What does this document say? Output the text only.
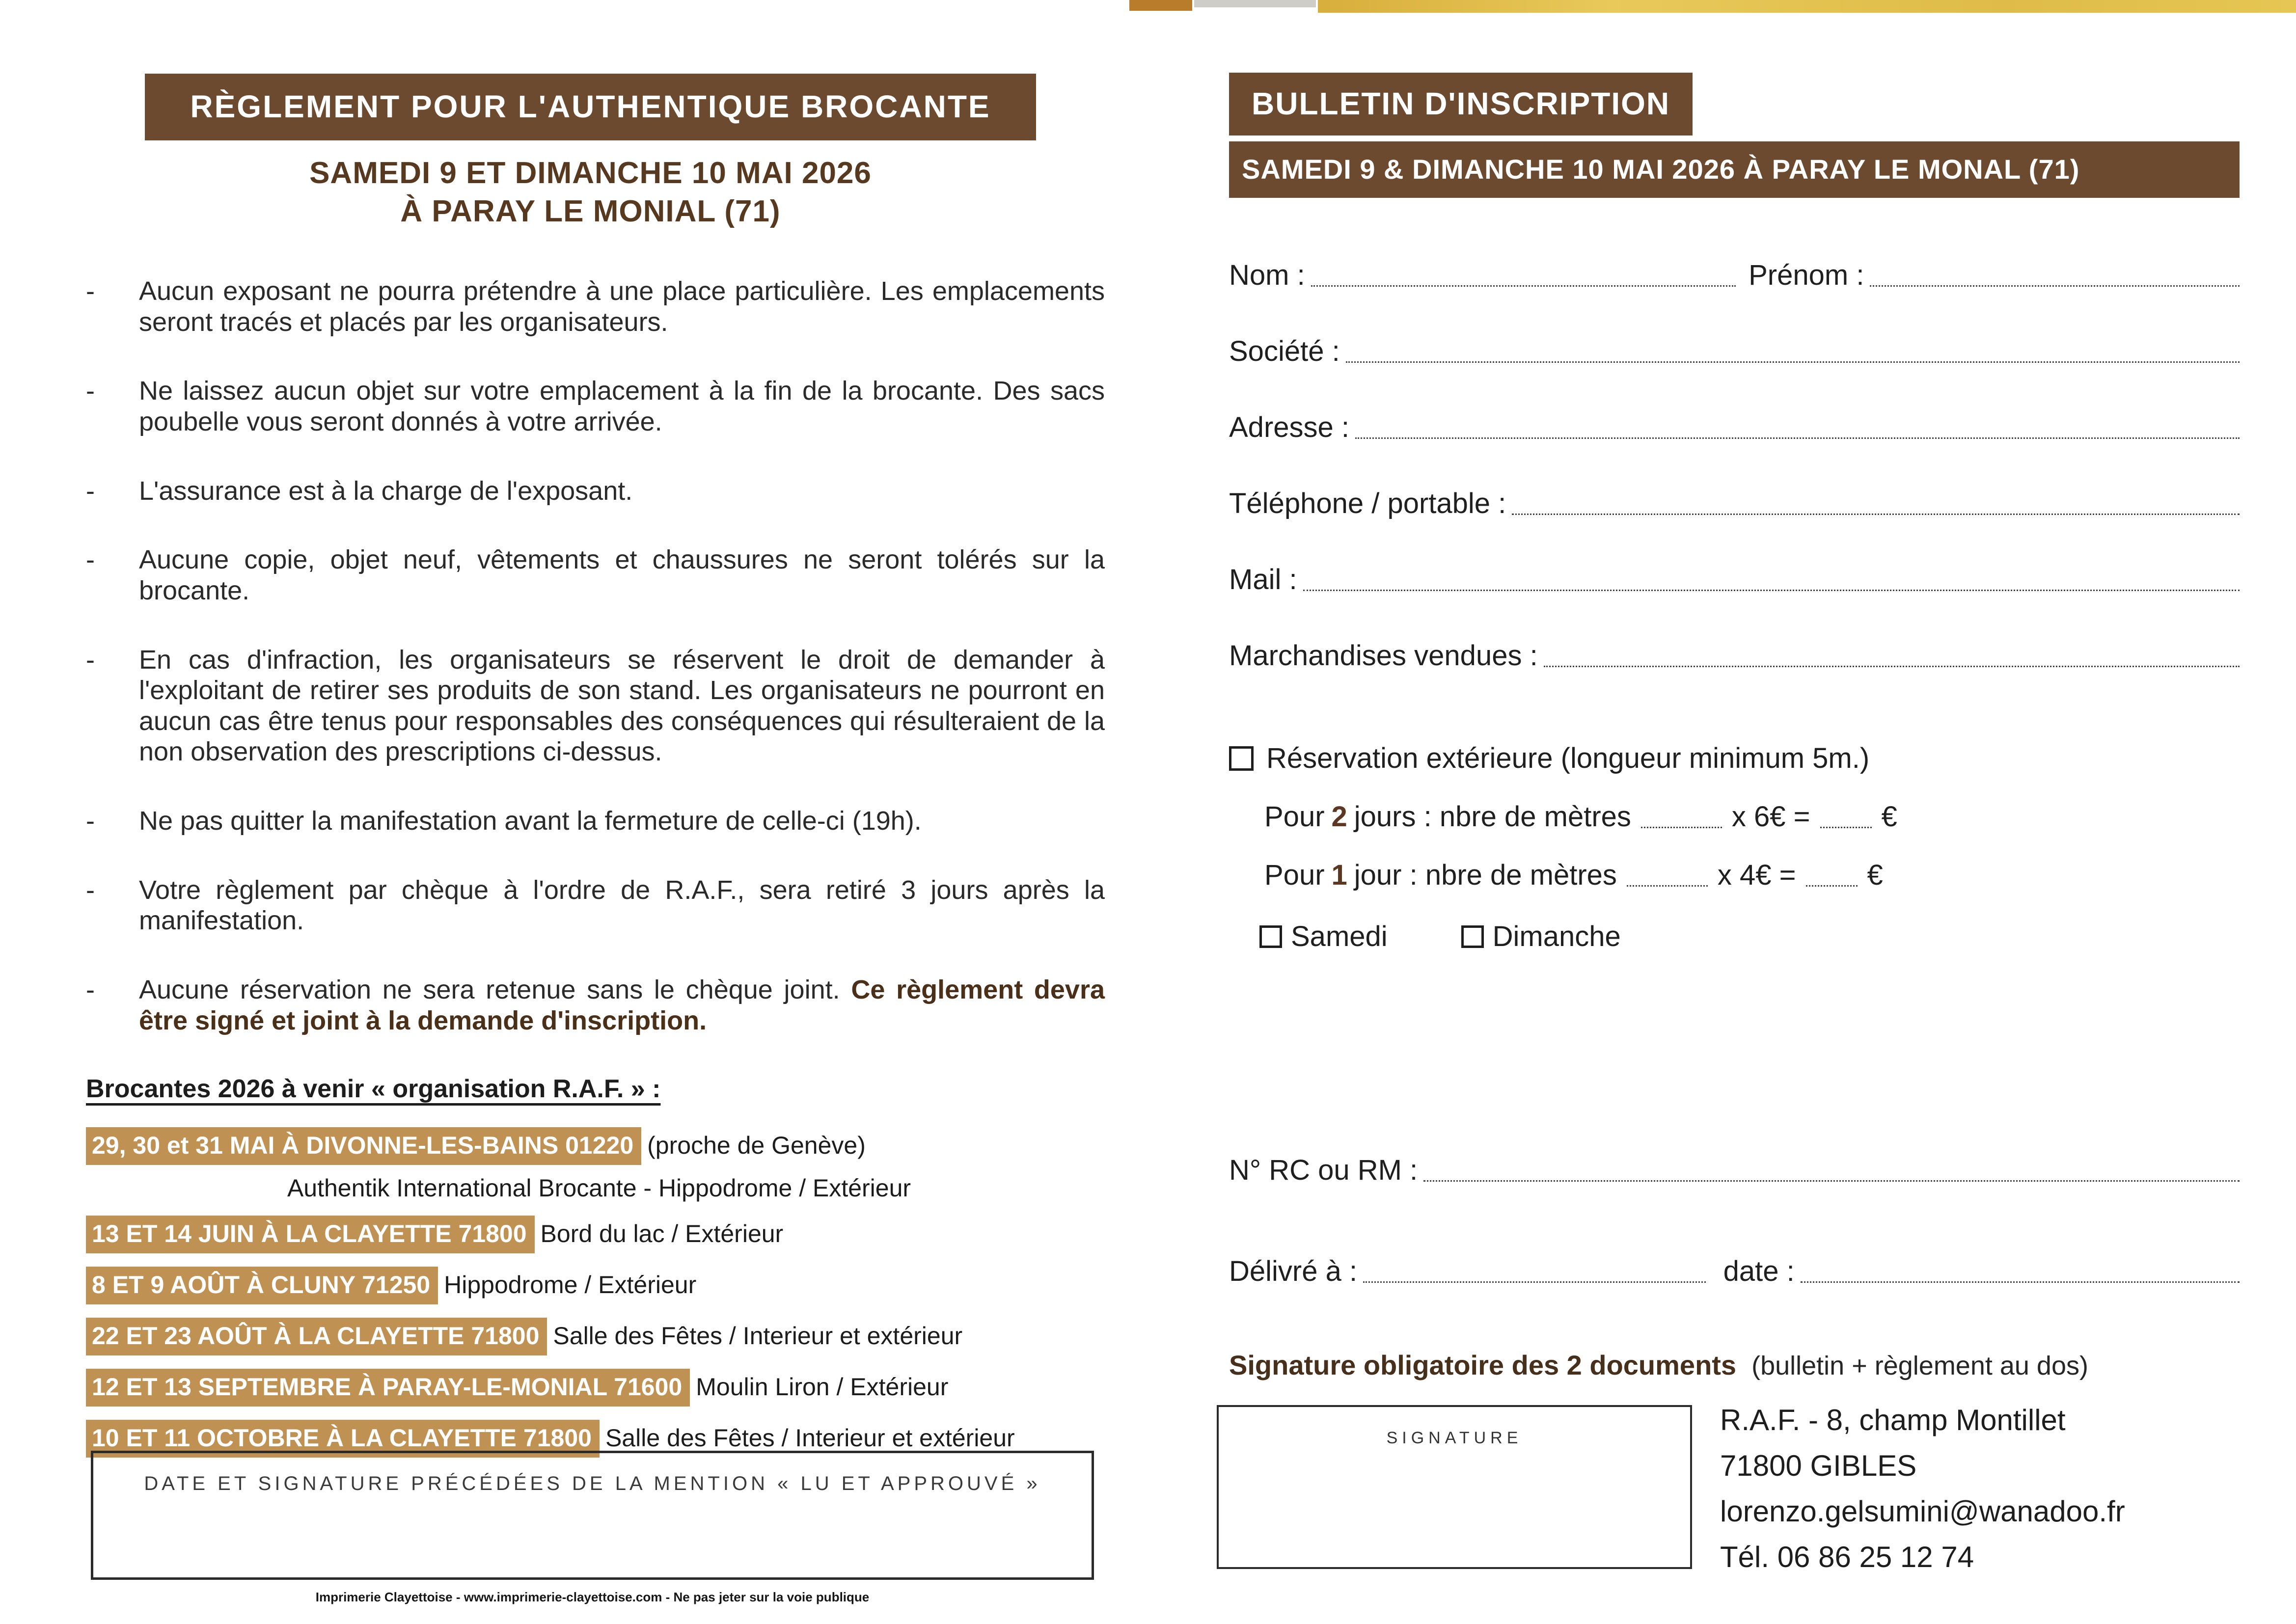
RÈGLEMENT POUR L'AUTHENTIQUE BROCANTE
SAMEDI 9 ET DIMANCHE 10 MAI 2026
À PARAY LE MONIAL (71)
-	Aucun exposant ne pourra prétendre à une place particulière. Les emplacements seront tracés et placés par les organisateurs.
-	Ne laissez aucun objet sur votre emplacement à la fin de la brocante. Des sacs poubelle vous seront donnés à votre arrivée.
-	L'assurance est à la charge de l'exposant.
-	Aucune copie, objet neuf, vêtements et chaussures ne seront tolérés sur la brocante.
-	En cas d'infraction, les organisateurs se réservent le droit de demander à l'exploitant de retirer ses produits de son stand. Les organisateurs ne pourront en aucun cas être tenus pour responsables des conséquences qui résulteraient de la non observation des prescriptions ci-dessus.
-	Ne pas quitter la manifestation avant la fermeture de celle-ci (19h).
-	Votre règlement par chèque à l'ordre de R.A.F., sera retiré 3 jours après la manifestation.
-	Aucune réservation ne sera retenue sans le chèque joint. Ce règlement devra être signé et joint à la demande d'inscription.
Brocantes 2026 à venir « organisation R.A.F. » :
29, 30 et 31 MAI À DIVONNE-LES-BAINS 01220 (proche de Genève)
Authentik International Brocante - Hippodrome / Extérieur
13 ET 14 JUIN À LA CLAYETTE 71800 Bord du lac / Extérieur
8 ET 9 AOÛT À CLUNY 71250 Hippodrome / Extérieur
22 ET 23 AOÛT À LA CLAYETTE 71800 Salle des Fêtes / Interieur et extérieur
12 ET 13 SEPTEMBRE À PARAY-LE-MONIAL 71600 Moulin Liron / Extérieur
10 ET 11 OCTOBRE À LA CLAYETTE 71800 Salle des Fêtes / Interieur et extérieur
DATE ET SIGNATURE PRÉCÉDÉES DE LA MENTION « LU ET APPROUVÉ »
Imprimerie Clayettoise - www.imprimerie-clayettoise.com - Ne pas jeter sur la voie publique
BULLETIN D'INSCRIPTION
SAMEDI 9 & DIMANCHE 10 MAI 2026 À PARAY LE MONAL (71)
Nom :	Prénom :
Société :
Adresse :
Téléphone / portable :
Mail :
Marchandises vendues :
Réservation extérieure (longueur minimum 5m.)
Pour 2 jours : nbre de mètres	x 6€ =	€
Pour 1 jour : nbre de mètres	x 4€ =	€
Samedi	Dimanche
N° RC ou RM :
Délivré à :	date :
Signature obligatoire des 2 documents (bulletin + règlement au dos)
SIGNATURE
R.A.F. - 8, champ Montillet
71800 GIBLES
lorenzo.gelsumini@wanadoo.fr
Tél. 06 86 25 12 74
